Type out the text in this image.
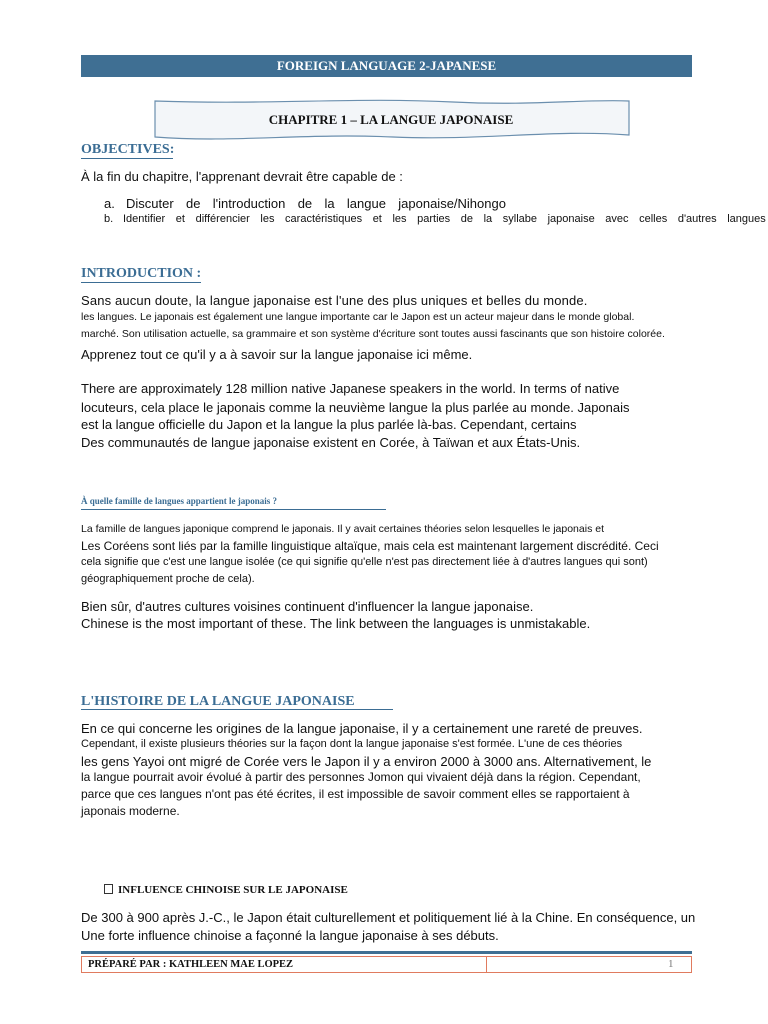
FOREIGN LANGUAGE 2-JAPANESE
CHAPITRE 1 – LA LANGUE JAPONAISE
OBJECTIVES:
À la fin du chapitre, l'apprenant devrait être capable de :
a. Discuter de l'introduction de la langue japonaise/Nihongo
b. Identifier et différencier les caractéristiques et les parties de la syllabe japonaise avec celles d'autres langues
INTRODUCTION :
Sans aucun doute, la langue japonaise est l'une des plus uniques et belles du monde.
les langues. Le japonais est également une langue importante car le Japon est un acteur majeur dans le monde global.
marché. Son utilisation actuelle, sa grammaire et son système d'écriture sont toutes aussi fascinants que son histoire colorée.
Apprenez tout ce qu'il y a à savoir sur la langue japonaise ici même.
There are approximately 128 million native Japanese speakers in the world. In terms of native
locuteurs, cela place le japonais comme la neuvième langue la plus parlée au monde. Japonais
est la langue officielle du Japon et la langue la plus parlée là-bas. Cependant, certains
Des communautés de langue japonaise existent en Corée, à Taïwan et aux États-Unis.
À quelle famille de langues appartient le japonais ?
La famille de langues japonique comprend le japonais. Il y avait certaines théories selon lesquelles le japonais et
Les Coréens sont liés par la famille linguistique altaïque, mais cela est maintenant largement discrédité. Ceci
cela signifie que c'est une langue isolée (ce qui signifie qu'elle n'est pas directement liée à d'autres langues qui sont)
géographiquement proche de cela).
Bien sûr, d'autres cultures voisines continuent d'influencer la langue japonaise.
Chinese is the most important of these. The link between the languages is unmistakable.
L'HISTOIRE DE LA LANGUE JAPONAISE
En ce qui concerne les origines de la langue japonaise, il y a certainement une rareté de preuves.
Cependant, il existe plusieurs théories sur la façon dont la langue japonaise s'est formée. L'une de ces théories
les gens Yayoi ont migré de Corée vers le Japon il y a environ 2000 à 3000 ans. Alternativement, le
la langue pourrait avoir évolué à partir des personnes Jomon qui vivaient déjà dans la région. Cependant,
parce que ces langues n'ont pas été écrites, il est impossible de savoir comment elles se rapportaient à
japonais moderne.
INFLUENCE CHINOISE SUR LE JAPONAISE
De 300 à 900 après J.-C., le Japon était culturellement et politiquement lié à la Chine. En conséquence, un
Une forte influence chinoise a façonné la langue japonaise à ses débuts.
PRÉPARÉ PAR : KATHLEEN MAE LOPEZ	1
